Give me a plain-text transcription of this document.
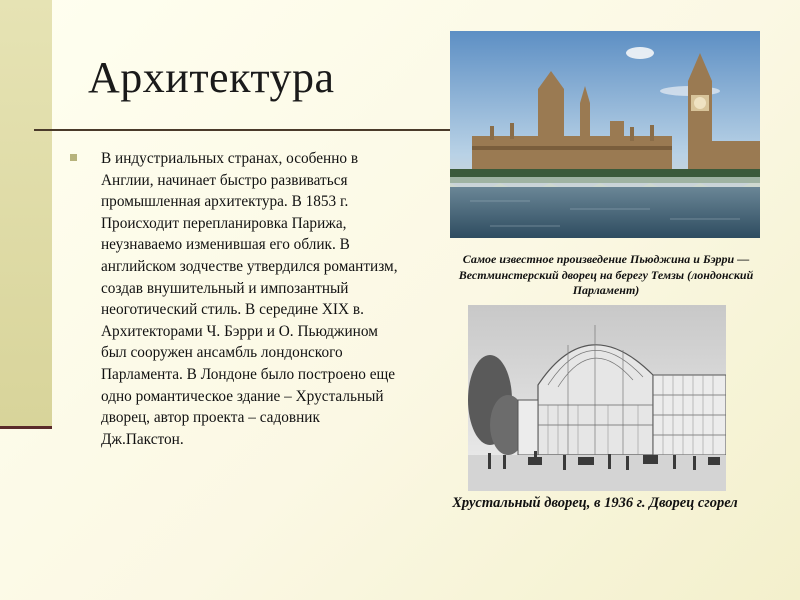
Архитектура

В индустриальных странах, особенно в Англии, начинает быстро развиваться промышленная архитектура. В 1853 г. Происходит перепланировка Парижа, неузнаваемо изменившая его облик. В английском зодчестве утвердился романтизм, создав внушительный и импозантный неоготический стиль. В середине XIX в. Архитекторами Ч. Бэрри и О. Пьюджином был сооружен ансамбль лондонского Парламента. В Лондоне было построено еще одно романтическое здание – Хрустальный дворец, автор проекта – садовник Дж.Пакстон.

Самое известное произведение Пьюджина и Бэрри — Вестминстерский дворец на берегу Темзы (лондонский Парламент)
Хрустальный дворец, в 1936 г. Дворец сгорел
